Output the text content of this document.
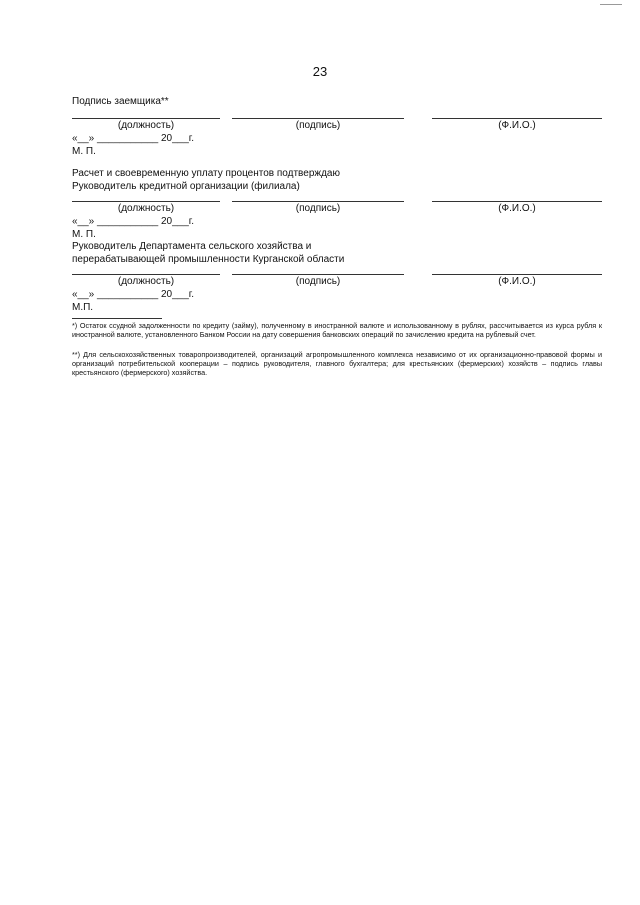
23
Подпись заемщика**
(должность)	(подпись)	(Ф.И.О.)
«__» ___________ 20___г.
М. П.
Расчет и своевременную уплату процентов подтверждаю
Руководитель кредитной организации (филиала)
(должность)	(подпись)	(Ф.И.О.)
«__» ___________ 20___г.
М. П.
Руководитель Департамента сельского хозяйства и
перерабатывающей промышленности Курганской области
(должность)	(подпись)	(Ф.И.О.)
«__» ___________ 20___г.
М.П.
*) Остаток ссудной задолженности по кредиту (займу), полученному в иностранной валюте и использованному в рублях, рассчитывается из курса рубля к иностранной валюте, установленного Банком России на дату совершения банковских операций по зачислению кредита на рублевый счет.
**) Для сельскохозяйственных товаропроизводителей, организаций агропромышленного комплекса независимо от их организационно-правовой формы и организаций потребительской кооперации – подпись руководителя, главного бухгалтера; для крестьянских (фермерских) хозяйств – подпись главы крестьянского (фермерского) хозяйства.
